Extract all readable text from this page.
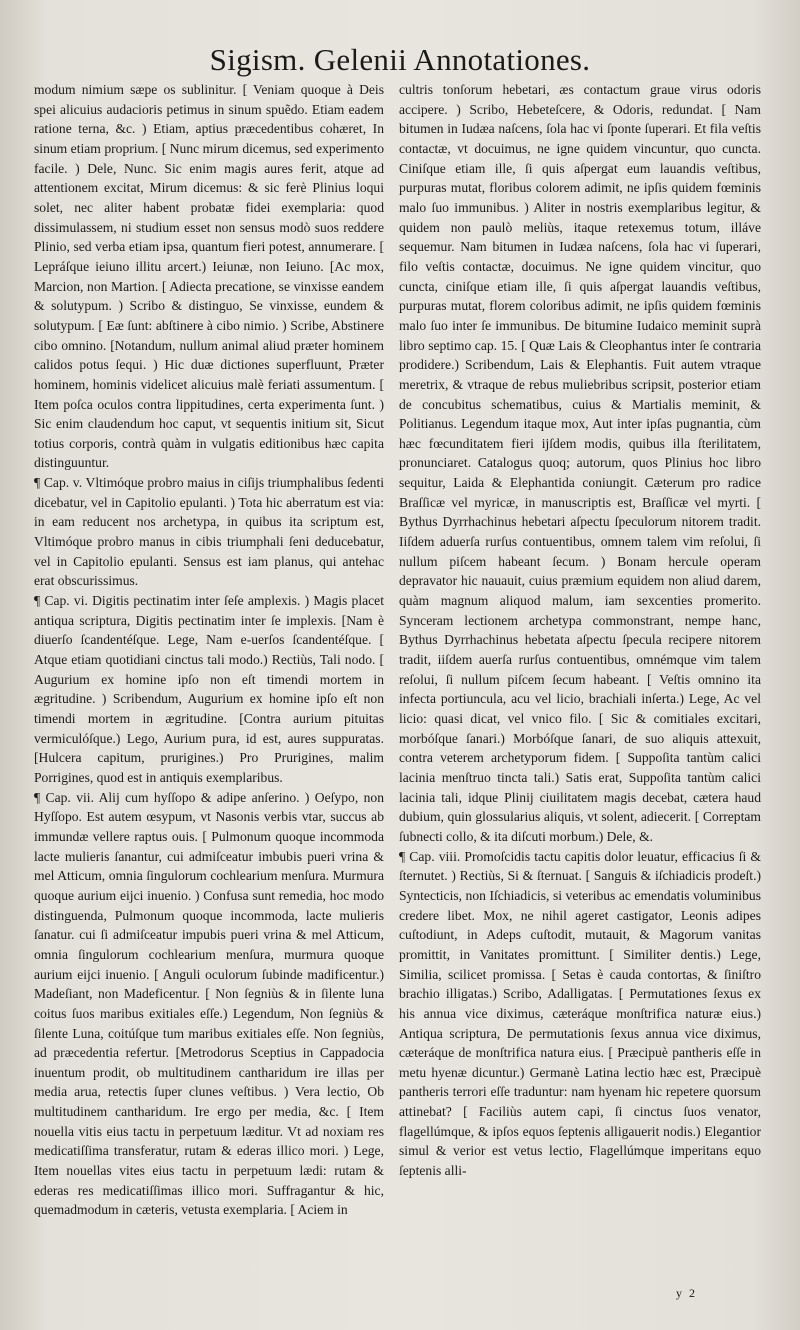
Sigism. Gelenii Annotationes.

modum nimium sæpe os sublinitur. [ Veniam quoque à Deis spei alicuius audacioris petimus in sinum spuẽdo. Etiam eadem ratione terna, &c. ) Etiam, aptius præcedentibus cohæret, In sinum etiam proprium. [ Nunc mirum dicemus, sed experimento facile. ) Dele, Nunc. Sic enim magis aures ferit, atque ad attentionem excitat, Mirum dicemus: & sic ferè Plinius loqui solet, nec aliter habent probatæ fidei exemplaria: quod dissimulassem, ni studium esset non sensus modò suos reddere Plinio, sed verba etiam ipsa, quantum fieri potest, annumerare. [ Lepráſque ieiuno illitu arcert.) Ieiunæ, non Ieiuno. [Ac mox, Marcion, non Martion. [ Adiectа precatione, se vinxisse eandem & solutурum. ) Scribo & distinguo, Se vinxisse, eundem & solutурum. [ Eæ ſunt: abſtinere à cibo nimio. ) Scribe, Abstinere cibo omnino. [Notandum, nullum animal aliud præter hominem calidos potus ſequi. ) Hic duæ dictiones superfluunt, Præter hominem, hominis videlicet alicuius malè feriati assumentum. [ Item poſca oculos contra lippitudines, certa experimenta ſunt. ) Sic enim claudendum hoc caput, vt sequentis initium sit, Sicut totius corporis, contrà quàm in vulgatis editionibus hæc capita distinguuntur.

¶ Cap. v. Vltimóque probro maius in ciſijs triumphalibus ſedenti dicebatur, vel in Capitolio epulanti. ) Tota hic aberratum est via: in eam reducent nos archetypa, in quibus ita scriptum est, Vltimóque probro manus in cibis triumphali ſeni deducebatur, vel in Capitolio epulanti. Sensus est iam planus, qui antehac erat obscurissimus.

¶ Cap. vi. Digitis pectinatim inter ſeſe amplexis. ) Magis placet antiqua scriptura, Digitis pectinatim inter ſe implexis. [Nam è diuerſo ſcandentéſque. Lege, Nam e-uerſos ſcandentéſque. [ Atque etiam quotidiani cinctus tali modo.) Rectiùs, Tali nodo. [ Augurium ex homine ipſo non eſt timendi mortem in ægritudine. ) Scribendum, Augurium ex homine ipſo eſt non timendi mortem in ægritudine. [Contra aurium pituitas vermiculóſque.) Lego, Aurium pura, id est, aures suppuratas. [Hulcera capitum, prurigines.) Pro Prurigines, malim Porrigines, quod est in antiquis exemplaribus.

¶ Cap. vii. Alij cum hyſſopo & adipe anſerino. ) Oeſypo, non Hyſſopo. Est autem œsypum, vt Nasonis verbis vtar, succus ab immundæ vellere raptus ouis. [ Pulmonum quoque incommoda lacte mulieris ſanantur, cui admiſceatur imbubis pueri vrina & mel Atticum, omnia ſingulorum cochlearium menſura. Murmura quoque aurium eijci inuenio. ) Confusa sunt remedia, hoc modo distinguenda, Pulmonum quoque incommoda, lacte mulieris ſanatur. cui ſi admiſceatur impubis pueri vrina & mel Atticum, omnia ſingulorum cochlearium menſura, murmura quoque aurium eijci inuenio. [ Anguli oculorum ſubinde madificentur.) Madeſiant, non Madeficentur. [ Non ſegniùs & in ſilente luna coitus ſuos maribus exitiales eſſe.) Legendum, Non ſegniùs & ſilente Luna, coitúſque tum maribus exitiales eſſe. Non ſegniùs, ad præcedentia refertur. [Metrodorus Sceptius in Cappadocia inuentum prodit, ob multitudinem cantharidum ire illas per media arua, retectis ſuper clunes veſtibus. ) Vera lectio, Ob multitudinem cantharidum. Ire ergo per media, &c. [ Item nouella vitis eius tactu in perpetuum læditur. Vt ad noxiam res medicatiſſima transferatur, rutam & ederas illico mori. ) Lege, Item nouellas vites eius tactu in perpetuum lædi: rutam & ederas res medicatiſſimas illico mori. Suffragantur & hic, quemadmodum in cæteris, vetusta exemplaria. [ Aciem in

cultris tonſorum hebetari, æs contactum graue virus odoris accipere. ) Scribo, Hebeteſcere, & Odoris, redundat. [ Nam bitumen in Iudæa naſcens, ſola hac vi ſponte ſuperari. Et fila veſtis contactæ, vt docuimus, ne igne quidem vincuntur, quo cuncta. Ciniſque etiam ille, ſi quis aſpergat eum lauandis veſtibus, purpuras mutat, floribus colorem adimit, ne ipſis quidem fœminis malo ſuo immunibus. ) Aliter in nostris exemplaribus legitur, & quidem non paulò meliùs, itaque retexemus totum, illáve sequemur. Nam bitumen in Iudæa naſcens, ſola hac vi ſuperari, filo veſtis contactæ, docuimus. Ne igne quidem vincitur, quo cuncta, ciniſque etiam ille, ſi quis aſpergat lauandis veſtibus, purpuras mutat, florem coloribus adimit, ne ipſis quidem fœminis malo ſuo inter ſe immunibus. De bitumine Iudaico meminit suprà libro septimo cap. 15. [ Quæ Lais & Cleophantus inter ſe contraria prodidere.) Scribendum, Lais & Elephantis. Fuit autem vtraque meretrix, & vtraque de rebus muliebribus scripsit, posterior etiam de concubitus schematibus, cuius & Martialis meminit, & Politianus. Legendum itaque mox, Aut inter ipſas pugnantia, cùm hæc fœcunditatem fieri ijſdem modis, quibus illa ſterilitatem, pronunciaret. Catalogus quoq; autorum, quos Plinius hoc libro sequitur, Laida & Elephantida coniungit. Cæterum pro radice Braſſicæ vel myricæ, in manuscriptis est, Braſſicæ vel myrti. [ Bythus Dyrrhachinus hebetari aſpectu ſpeculorum nitorem tradit. Iiſdem aduerſa rurſus contuentibus, omnem talem vim reſolui, ſi nullum piſcem habeant ſecum. ) Bonam hercule operam depravator hic nauauit, cuius præmium equidem non aliud darem, quàm magnum aliquod malum, iam sexcenties promerito. Synceram lectionem archetypa commonstrant, nempe hanc, Bythus Dyrrhachinus hebetata aſpectu ſpecula recipere nitorem tradit, iiſdem auerſa rurſus contuentibus, omnémque vim talem reſolui, ſi nullum piſcem ſecum habeant. [ Veſtis omnino ita infecta portiuncula, acu vel licio, brachiali inſerta.) Lege, Ac vel licio: quasi dicat, vel vnico filo. [ Sic & comitiales excitari, morbóſque ſanari.) Morbóſque ſanari, de suo aliquis attexuit, contra veterem archetyporum fidem. [ Suppoſita tantùm calici lacinia menſtruo tincta tali.) Satis erat, Suppoſita tantùm calici lacinia tali, idque Plinij ciuilitatem magis decebat, cætera haud dubium, quin glossularius aliquis, vt solent, adiecerit. [ Correptam ſubnecti collo, & ita diſcuti morbum.) Dele, &.

¶ Cap. viii. Promoſcidis tactu capitis dolor leuatur, efficacius ſi & ſternutet. ) Rectiùs, Si & ſternuat. [ Sanguis & iſchiadicis prodeſt.) Syntecticis, non Iſchiadicis, si veteribus ac emendatis voluminibus credere libet. Mox, ne nihil ageret castigator, Leonis adipes cuſtodiunt, in Adeps cuſtodit, mutauit, & Magorum vanitas promittit, in Vanitates promittunt. [ Similiter dentis.) Lege, Similia, scilicet promissa. [ Setas è cauda contortas, & ſiniſtro brachio illigatas.) Scribo, Adalligatas. [ Permutationes ſexus ex his annua vice diximus, cæteráque monſtrifica naturæ eius.) Antiqua scriptura, De permutationis ſexus annua vice diximus, cæteráque de monſtrifica natura eius. [ Præcipuè pantheris eſſe in metu hyenæ dicuntur.) Germanè Latina lectio hæc est, Præcipuè pantheris terrori eſſe traduntur: nam hyenam hic repetere quorsum attinebat? [ Faciliùs autem capi, ſi cinctus ſuos venator, flagellúmque, & ipſos equos ſeptenis alligauerit nodis.) Elegantior simul & verior est vetus lectio, Flagellúmque imperitans equo ſeptenis alli-

y 2
